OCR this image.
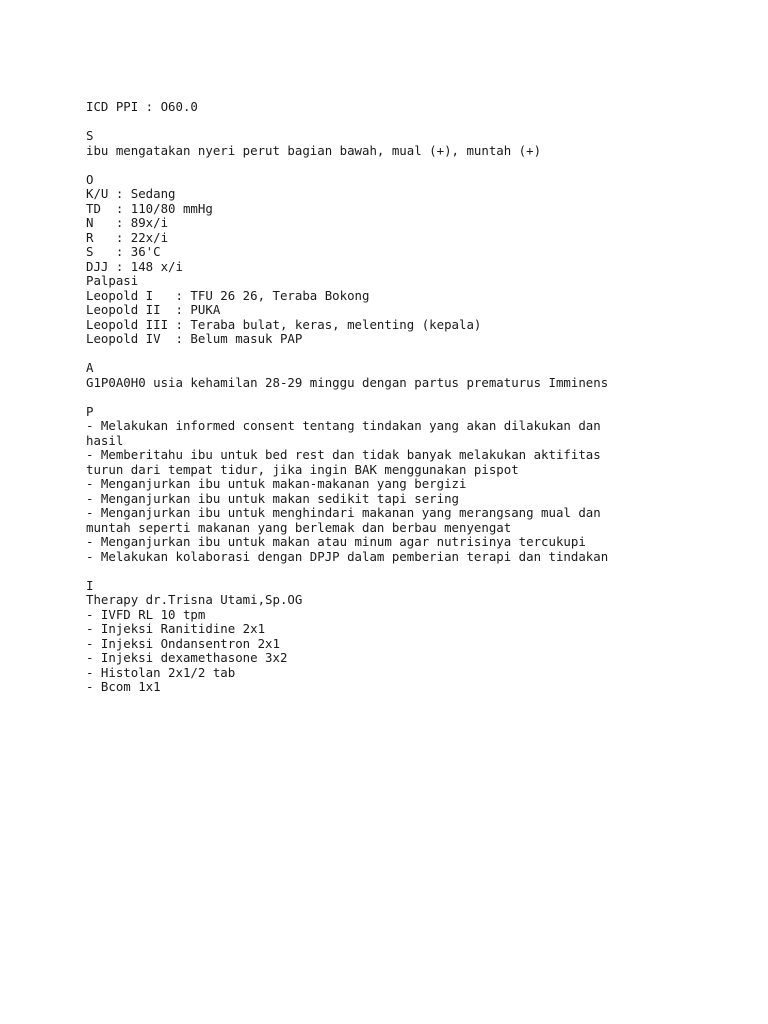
ICD PPI : O60.0
S
ibu mengatakan nyeri perut bagian bawah, mual (+), muntah (+)
O
K/U : Sedang
TD  : 110/80 mmHg
N   : 89x/i
R   : 22x/i
S   : 36'C
DJJ : 148 x/i
Palpasi
Leopold I   : TFU 26 26, Teraba Bokong
Leopold II  : PUKA
Leopold III : Teraba bulat, keras, melenting (kepala)
Leopold IV  : Belum masuk PAP
A
G1P0A0H0 usia kehamilan 28-29 minggu dengan partus prematurus Imminens
P
- Melakukan informed consent tentang tindakan yang akan dilakukan dan
hasil
- Memberitahu ibu untuk bed rest dan tidak banyak melakukan aktifitas
turun dari tempat tidur, jika ingin BAK menggunakan pispot
- Menganjurkan ibu untuk makan-makanan yang bergizi
- Menganjurkan ibu untuk makan sedikit tapi sering
- Menganjurkan ibu untuk menghindari makanan yang merangsang mual dan
muntah seperti makanan yang berlemak dan berbau menyengat
- Menganjurkan ibu untuk makan atau minum agar nutrisinya tercukupi
- Melakukan kolaborasi dengan DPJP dalam pemberian terapi dan tindakan
I
Therapy dr.Trisna Utami,Sp.OG
- IVFD RL 10 tpm
- Injeksi Ranitidine 2x1
- Injeksi Ondansentron 2x1
- Injeksi dexamethasone 3x2
- Histolan 2x1/2 tab
- Bcom 1x1
